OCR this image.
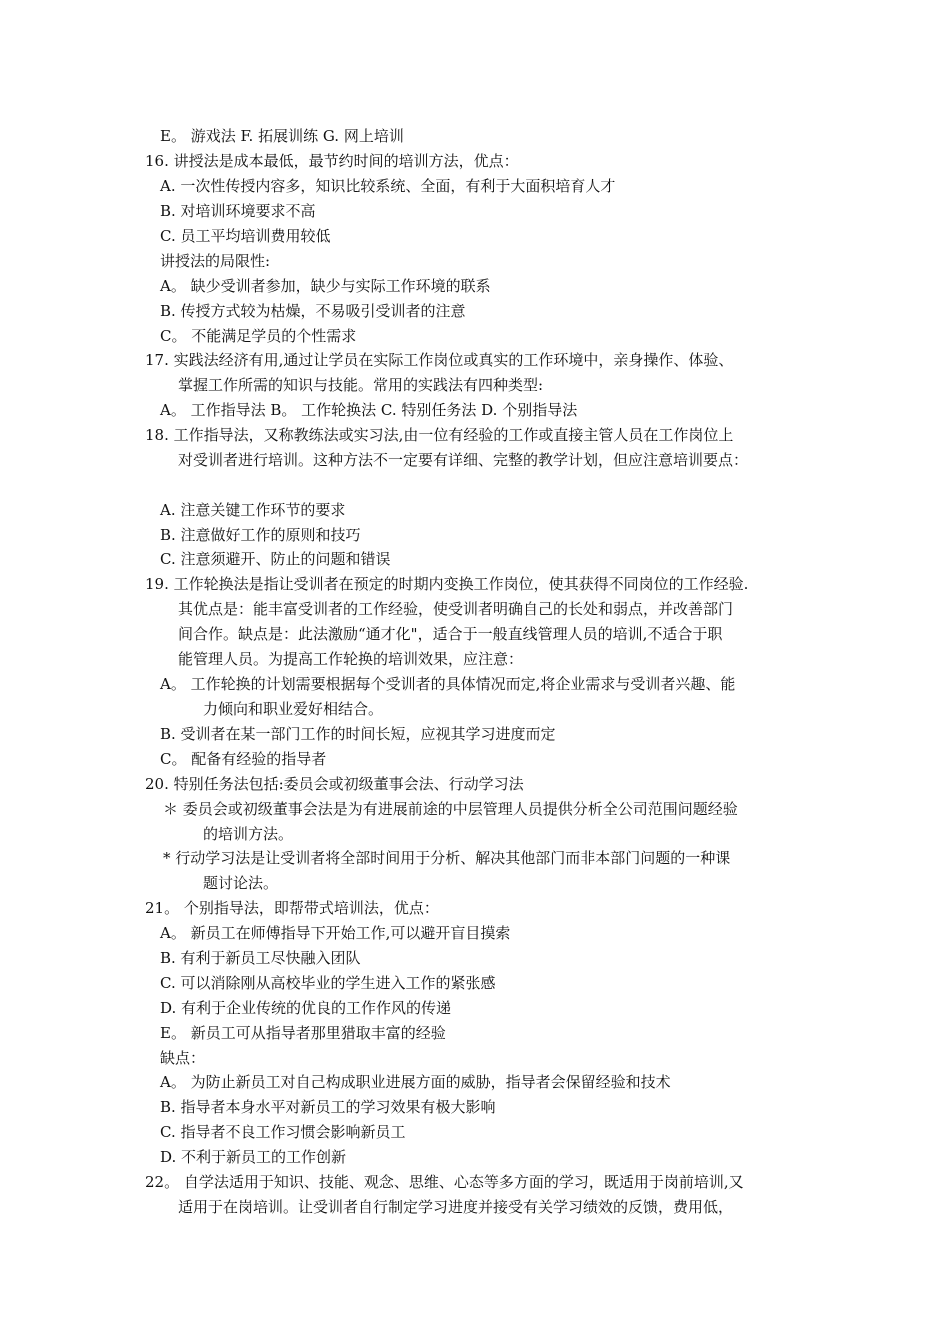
E。 游戏法 F. 拓展训练 G. 网上培训
16. 讲授法是成本最低，最节约时间的培训方法，优点：
A. 一次性传授内容多，知识比较系统、全面，有利于大面积培育人才
B. 对培训环境要求不高
C. 员工平均培训费用较低
讲授法的局限性:
A。 缺少受训者参加，缺少与实际工作环境的联系
B. 传授方式较为枯燥，不易吸引受训者的注意
C。 不能满足学员的个性需求
17. 实践法经济有用,通过让学员在实际工作岗位或真实的工作环境中，亲身操作、体验、
掌握工作所需的知识与技能。常用的实践法有四种类型:
A。 工作指导法 B。 工作轮换法 C. 特别任务法 D. 个别指导法
18. 工作指导法，又称教练法或实习法,由一位有经验的工作或直接主管人员在工作岗位上
对受训者进行培训。这种方法不一定要有详细、完整的教学计划，但应注意培训要点：
A. 注意关键工作环节的要求
B. 注意做好工作的原则和技巧
C. 注意须避开、防止的问题和错误
19. 工作轮换法是指让受训者在预定的时期内变换工作岗位，使其获得不同岗位的工作经验.
其优点是：能丰富受训者的工作经验，使受训者明确自己的长处和弱点，并改善部门
间合作。缺点是：此法激励“通才化"，适合于一般直线管理人员的培训,不适合于职
能管理人员。为提高工作轮换的培训效果，应注意：
A。 工作轮换的计划需要根据每个受训者的具体情况而定,将企业需求与受训者兴趣、能
力倾向和职业爱好相结合。
B. 受训者在某一部门工作的时间长短，应视其学习进度而定
C。 配备有经验的指导者
20. 特别任务法包括:委员会或初级董事会法、行动学习法
＊ 委员会或初级董事会法是为有进展前途的中层管理人员提供分析全公司范围问题经验
的培训方法。
* 行动学习法是让受训者将全部时间用于分析、解决其他部门而非本部门问题的一种课
题讨论法。
21。 个别指导法，即帮带式培训法，优点：
A。 新员工在师傅指导下开始工作,可以避开盲目摸索
B. 有利于新员工尽快融入团队
C. 可以消除刚从高校毕业的学生进入工作的紧张感
D. 有利于企业传统的优良的工作作风的传递
E。 新员工可从指导者那里猎取丰富的经验
缺点：
A。 为防止新员工对自己构成职业进展方面的威胁，指导者会保留经验和技术
B. 指导者本身水平对新员工的学习效果有极大影响
C. 指导者不良工作习惯会影响新员工
D. 不利于新员工的工作创新
22。 自学法适用于知识、技能、观念、思维、心态等多方面的学习，既适用于岗前培训,又
适用于在岗培训。让受训者自行制定学习进度并接受有关学习绩效的反馈，费用低，
